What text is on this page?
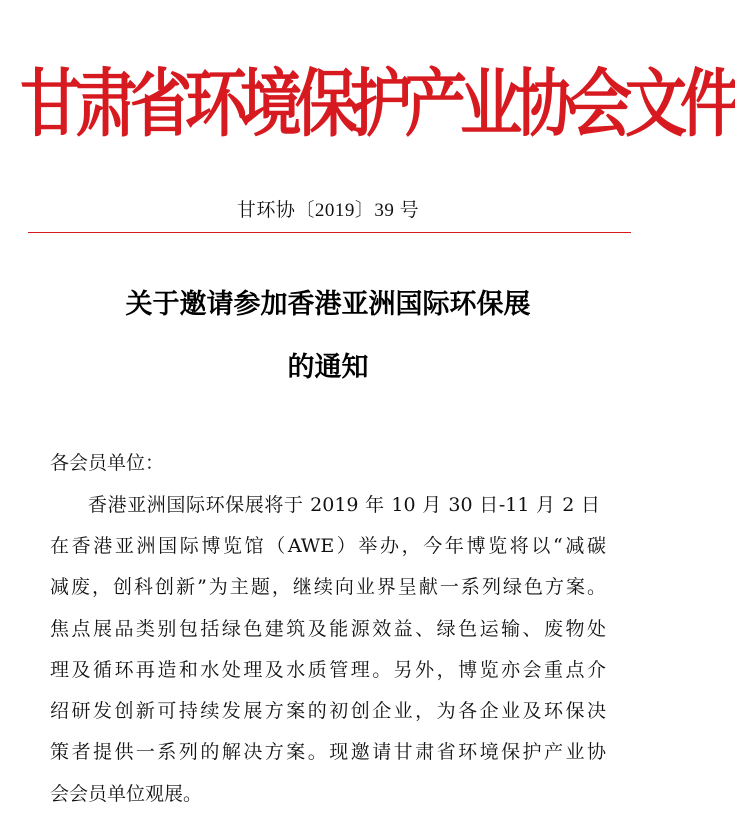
甘肃省环境保护产业协会文件
甘环协〔2019〕39 号
关于邀请参加香港亚洲国际环保展
的通知
各会员单位：
香港亚洲国际环保展将于 2019 年 10 月 30 日-11 月 2 日
在香港亚洲国际博览馆（AWE）举办，今年博览将以“减碳
减废，创科创新”为主题，继续向业界呈献一系列绿色方案。
焦点展品类别包括绿色建筑及能源效益、绿色运输、废物处
理及循环再造和水处理及水质管理。另外，博览亦会重点介
绍研发创新可持续发展方案的初创企业，为各企业及环保决
策者提供一系列的解决方案。现邀请甘肃省环境保护产业协
会会员单位观展。
